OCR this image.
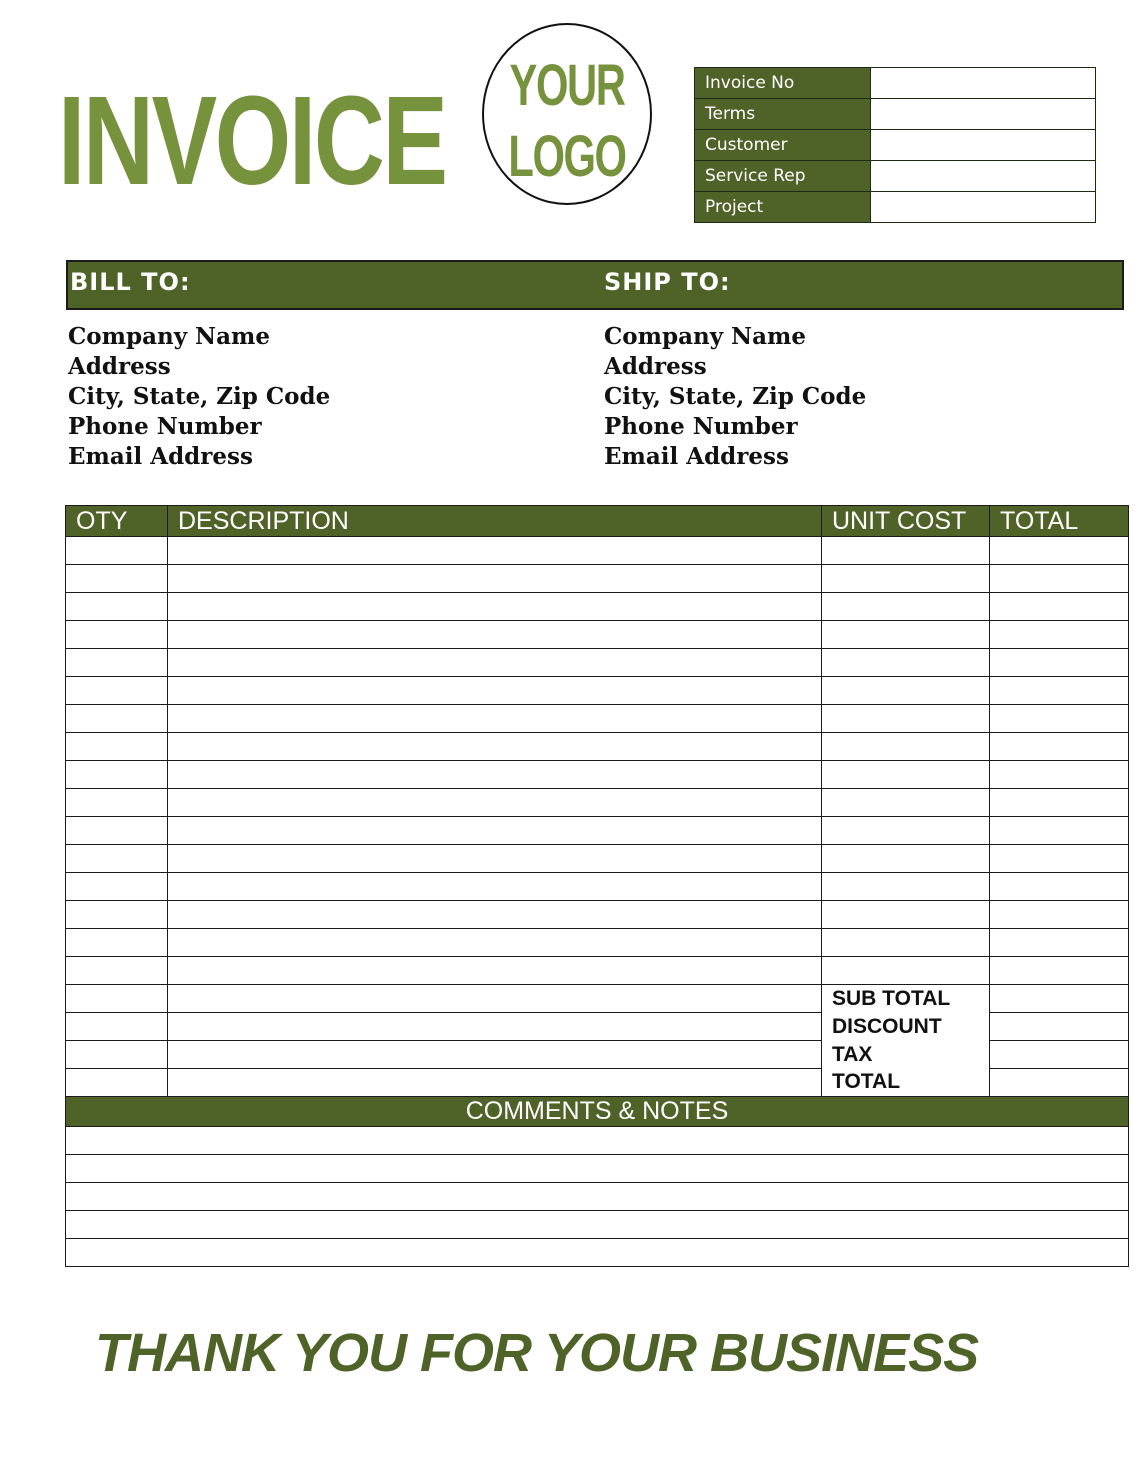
INVOICE YOUR
LOGO
Invoice No	
Terms	
Customer	
Service Rep	
Project	
BILL TO:	SHIP TO:
Company Name
Address
City, State, Zip Code
Phone Number
Email Address
Company Name
Address
City, State, Zip Code
Phone Number
Email Address
OTY	DESCRIPTION	UNIT COST	TOTAL

		SUB TOTAL	
		DISCOUNT	
		TAX	
		TOTAL	
COMMENTS & NOTES			

THANK YOU FOR YOUR BUSINESS
